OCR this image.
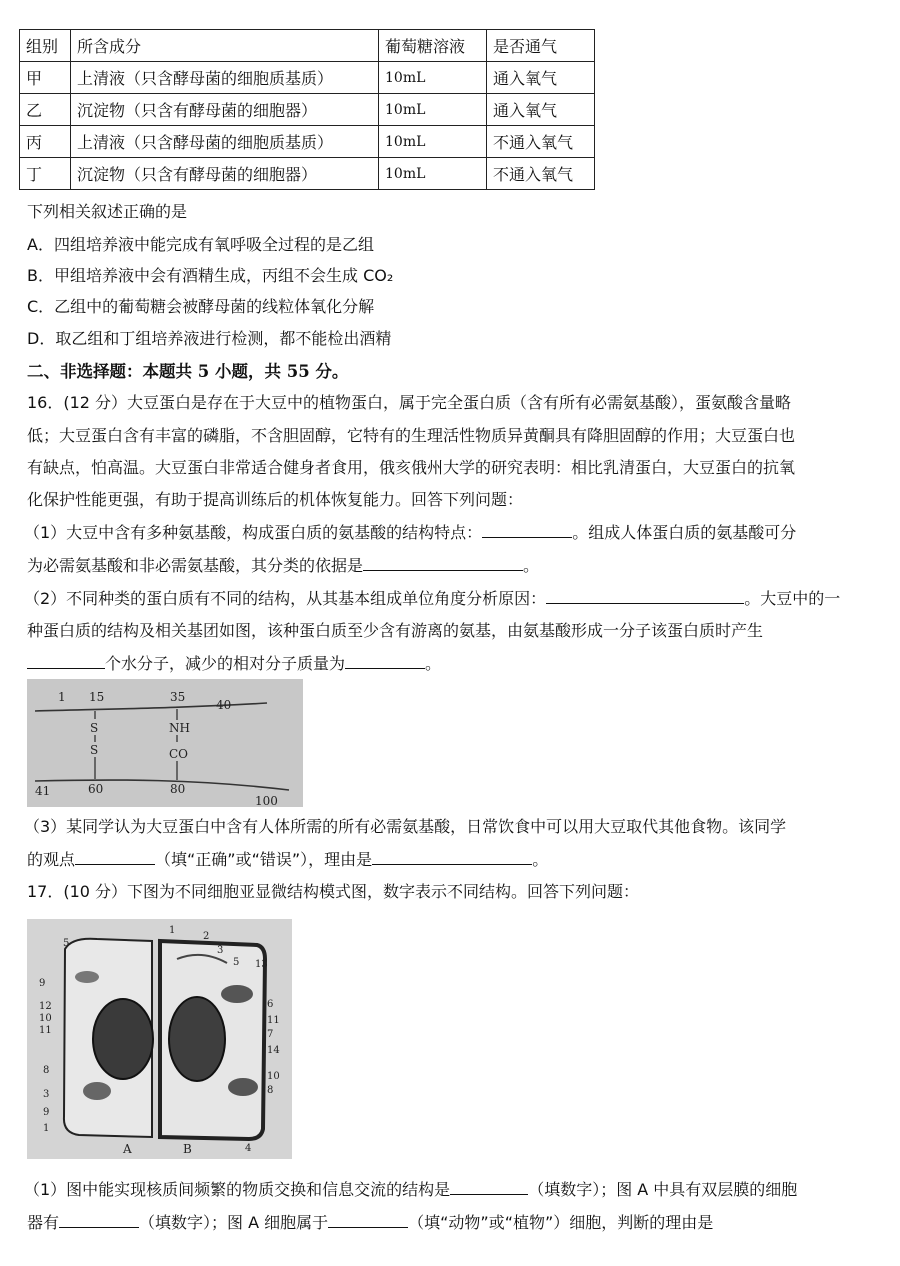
组别	所含成分	葡萄糖溶液	是否通气
甲	上清液（只含酵母菌的细胞质基质）	10mL	通入氧气
乙	沉淀物（只含有酵母菌的细胞器）	10mL	通入氧气
丙	上清液（只含酵母菌的细胞质基质）	10mL	不通入氧气
丁	沉淀物（只含有酵母菌的细胞器）	10mL	不通入氧气
下列相关叙述正确的是
A．四组培养液中能完成有氧呼吸全过程的是乙组
B．甲组培养液中会有酒精生成，丙组不会生成 CO₂
C．乙组中的葡萄糖会被酵母菌的线粒体氧化分解
D．取乙组和丁组培养液进行检测，都不能检出酒精
二、非选择题：本题共 5 小题，共 55 分。
16．(12 分）大豆蛋白是存在于大豆中的植物蛋白，属于完全蛋白质（含有所有必需氨基酸），蛋氨酸含量略
低；大豆蛋白含有丰富的磷脂，不含胆固醇，它特有的生理活性物质异黄酮具有降胆固醇的作用；大豆蛋白也
有缺点，怕高温。大豆蛋白非常适合健身者食用，俄亥俄州大学的研究表明：相比乳清蛋白，大豆蛋白的抗氧
化保护性能更强，有助于提高训练后的机体恢复能力。回答下列问题：
（1）大豆中含有多种氨基酸，构成蛋白质的氨基酸的结构特点：	。组成人体蛋白质的氨基酸可分
为必需氨基酸和非必需氨基酸，其分类的依据是	。
（2）不同种类的蛋白质有不同的结构，从其基本组成单位角度分析原因：	。大豆中的一
种蛋白质的结构及相关基团如图，该种蛋白质至少含有游离的氨基，由氨基酸形成一分子该蛋白质时产生
个水分子，减少的相对分子质量为	。
1 15	35
40
S
S
NH
CO
41	60	80
100
（3）某同学认为大豆蛋白中含有人体所需的所有必需氨基酸，日常饮食中可以用大豆取代其他食物。该同学
的观点	（填“正确”或“错误”），理由是	。
17．(10 分）下图为不同细胞亚显微结构模式图，数字表示不同结构。回答下列问题：
5
9
12
10
11
8
3
9
1
1
2
3
5 13
6
11
7
14
10
8
4
A	B
（1）图中能实现核质间频繁的物质交换和信息交流的结构是	（填数字）；图 A 中具有双层膜的细胞
器有	（填数字）；图 A 细胞属于	（填“动物”或“植物”）细胞，判断的理由是
